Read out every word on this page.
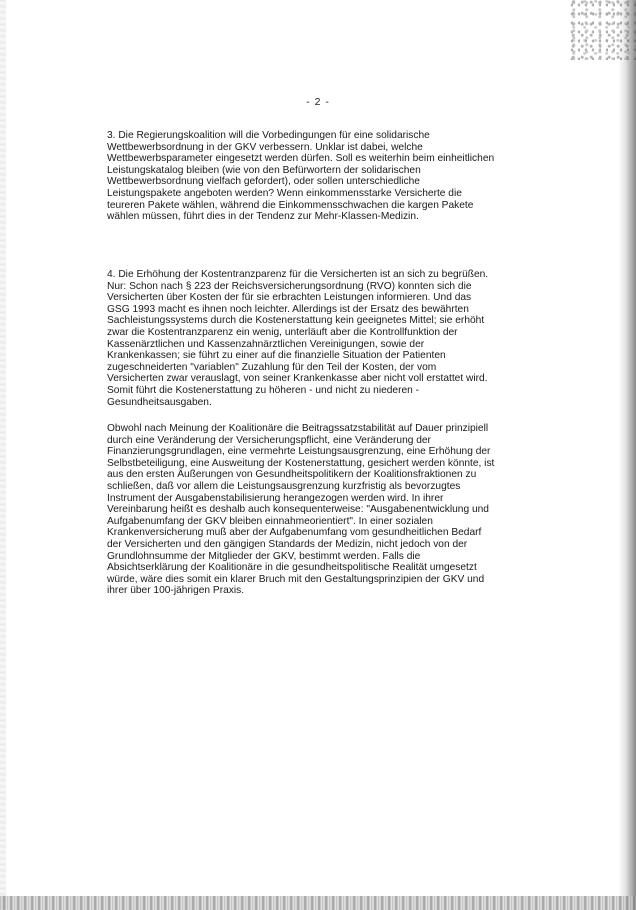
- 2 -

3. Die Regierungskoalition will die Vorbedingungen für eine solidarische

Wettbewerbsordnung in der GKV verbessern. Unklar ist dabei, welche

Wettbewerbsparameter eingesetzt werden dürfen. Soll es weiterhin beim einheitlichen

Leistungskatalog bleiben (wie von den Befürwortern der solidarischen

Wettbewerbsordnung vielfach gefordert), oder sollen unterschiedliche

Leistungspakete angeboten werden? Wenn einkommensstarke Versicherte die

teureren Pakete wählen, während die Einkommensschwachen die kargen Pakete

wählen müssen, führt dies in der Tendenz zur Mehr-Klassen-Medizin.

4. Die Erhöhung der Kostentranzparenz für die Versicherten ist an sich zu begrüßen.

Nur: Schon nach § 223 der Reichsversicherungsordnung (RVO) konnten sich die

Versicherten über Kosten der für sie erbrachten Leistungen informieren. Und das

GSG 1993 macht es ihnen noch leichter. Allerdings ist der Ersatz des bewährten

Sachleistungssystems durch die Kostenerstattung kein geeignetes Mittel; sie erhöht

zwar die Kostentranzparenz ein wenig, unterläuft aber die Kontrollfunktion der

Kassenärztlichen und Kassenzahnärztlichen Vereinigungen, sowie der

Krankenkassen; sie führt zu einer auf die finanzielle Situation der Patienten

zugeschneiderten "variablen" Zuzahlung für den Teil der Kosten, der vom

Versicherten zwar verauslagt, von seiner Krankenkasse aber nicht voll erstattet wird.

Somit führt die Kostenerstattung zu höheren - und nicht zu niederen -

Gesundheitsausgaben.

Obwohl nach Meinung der Koalitionäre die Beitragssatzstabilität auf Dauer prinzipiell

durch eine Veränderung der Versicherungspflicht, eine Veränderung der

Finanzierungsgrundlagen, eine vermehrte Leistungsausgrenzung, eine Erhöhung der

Selbstbeteiligung, eine Ausweitung der Kostenerstattung, gesichert werden könnte, ist

aus den ersten Äußerungen von Gesundheitspolitikern der Koalitionsfraktionen zu

schließen, daß vor allem die Leistungsausgrenzung kurzfristig als bevorzugtes

Instrument der Ausgabenstabilisierung herangezogen werden wird. In ihrer

Vereinbarung heißt es deshalb auch konsequenterweise: "Ausgabenentwicklung und

Aufgabenumfang der GKV bleiben einnahmeorientiert". In einer sozialen

Krankenversicherung muß aber der Aufgabenumfang vom gesundheitlichen Bedarf

der Versicherten und den gängigen Standards der Medizin, nicht jedoch von der

Grundlohnsumme der Mitglieder der GKV, bestimmt werden. Falls die

Absichtserklärung der Koalitionäre in die gesundheitspolitische Realität umgesetzt

würde, wäre dies somit ein klarer Bruch mit den Gestaltungsprinzipien der GKV und

ihrer über 100-jährigen Praxis.
